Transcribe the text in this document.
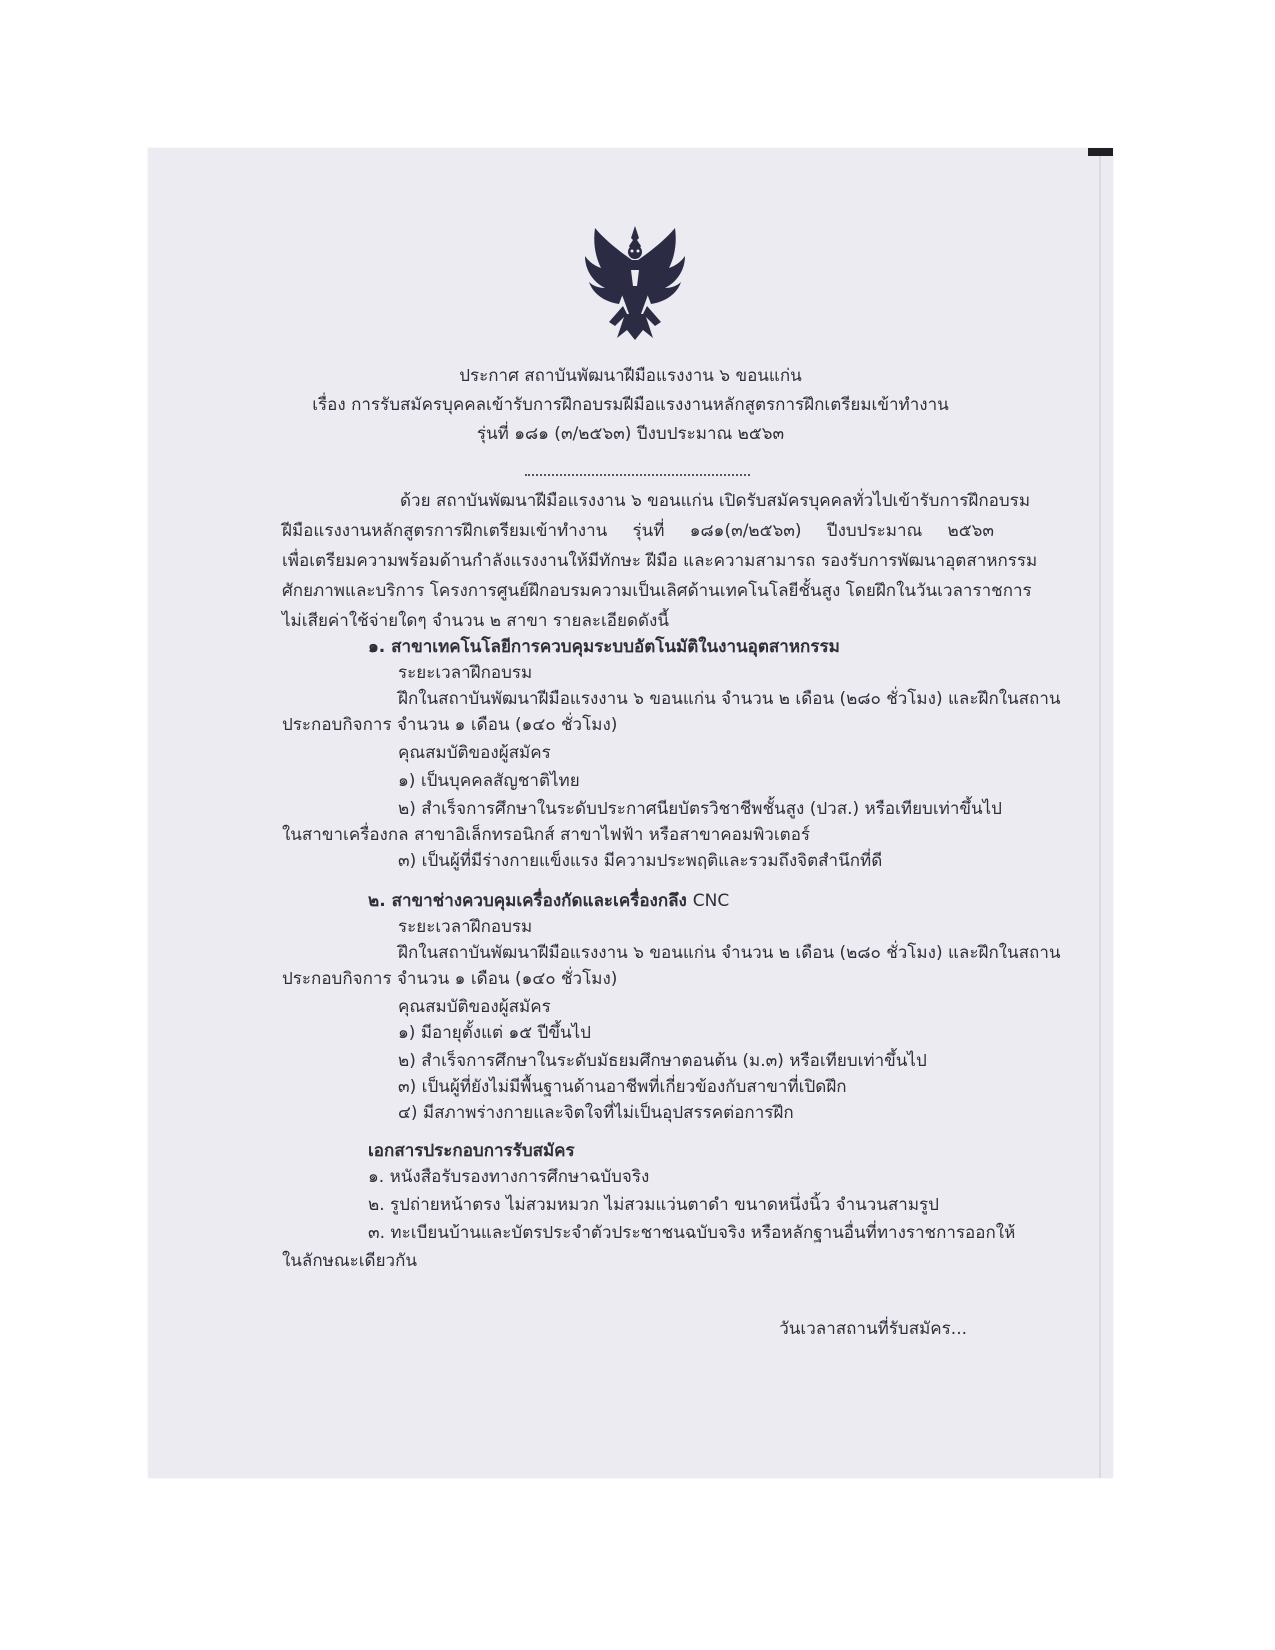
ประกาศ สถาบันพัฒนาฝีมือแรงงาน ๖ ขอนแก่น
เรื่อง การรับสมัครบุคคลเข้ารับการฝึกอบรมฝีมือแรงงานหลักสูตรการฝึกเตรียมเข้าทำงาน
รุ่นที่ ๑๘๑ (๓/๒๕๖๓) ปีงบประมาณ ๒๕๖๓
ด้วย สถาบันพัฒนาฝีมือแรงงาน ๖ ขอนแก่น เปิดรับสมัครบุคคลทั่วไปเข้ารับการฝึกอบรม
ฝีมือแรงงานหลักสูตรการฝึกเตรียมเข้าทำงาน รุ่นที่ ๑๘๑(๓/๒๕๖๓) ปีงบประมาณ ๒๕๖๓
เพื่อเตรียมความพร้อมด้านกำลังแรงงานให้มีทักษะ ฝีมือ และความสามารถ รองรับการพัฒนาอุตสาหกรรม
ศักยภาพและบริการ โครงการศูนย์ฝึกอบรมความเป็นเลิศด้านเทคโนโลยีชั้นสูง โดยฝึกในวันเวลาราชการ
ไม่เสียค่าใช้จ่ายใดๆ จำนวน ๒ สาขา รายละเอียดดังนี้
๑. สาขาเทคโนโลยีการควบคุมระบบอัตโนมัติในงานอุตสาหกรรม
ระยะเวลาฝึกอบรม
ฝึกในสถาบันพัฒนาฝีมือแรงงาน ๖ ขอนแก่น จำนวน ๒ เดือน (๒๘๐ ชั่วโมง) และฝึกในสถาน
ประกอบกิจการ จำนวน ๑ เดือน (๑๔๐ ชั่วโมง)
คุณสมบัติของผู้สมัคร
๑) เป็นบุคคลสัญชาติไทย
๒) สำเร็จการศึกษาในระดับประกาศนียบัตรวิชาชีพชั้นสูง (ปวส.) หรือเทียบเท่าขึ้นไป
ในสาขาเครื่องกล สาขาอิเล็กทรอนิกส์ สาขาไฟฟ้า หรือสาขาคอมพิวเตอร์
๓) เป็นผู้ที่มีร่างกายแข็งแรง มีความประพฤติและรวมถึงจิตสำนึกที่ดี
๒. สาขาช่างควบคุมเครื่องกัดและเครื่องกลึง CNC
ระยะเวลาฝึกอบรม
ฝึกในสถาบันพัฒนาฝีมือแรงงาน ๖ ขอนแก่น จำนวน ๒ เดือน (๒๘๐ ชั่วโมง) และฝึกในสถาน
ประกอบกิจการ จำนวน ๑ เดือน (๑๔๐ ชั่วโมง)
คุณสมบัติของผู้สมัคร
๑) มีอายุตั้งแต่ ๑๕ ปีขึ้นไป
๒) สำเร็จการศึกษาในระดับมัธยมศึกษาตอนต้น (ม.๓) หรือเทียบเท่าขึ้นไป
๓) เป็นผู้ที่ยังไม่มีพื้นฐานด้านอาชีพที่เกี่ยวข้องกับสาขาที่เปิดฝึก
๔) มีสภาพร่างกายและจิตใจที่ไม่เป็นอุปสรรคต่อการฝึก
เอกสารประกอบการรับสมัคร
๑. หนังสือรับรองทางการศึกษาฉบับจริง
๒. รูปถ่ายหน้าตรง ไม่สวมหมวก ไม่สวมแว่นตาดำ ขนาดหนึ่งนิ้ว จำนวนสามรูป
๓. ทะเบียนบ้านและบัตรประจำตัวประชาชนฉบับจริง หรือหลักฐานอื่นที่ทางราชการออกให้
ในลักษณะเดียวกัน
วันเวลาสถานที่รับสมัคร...
